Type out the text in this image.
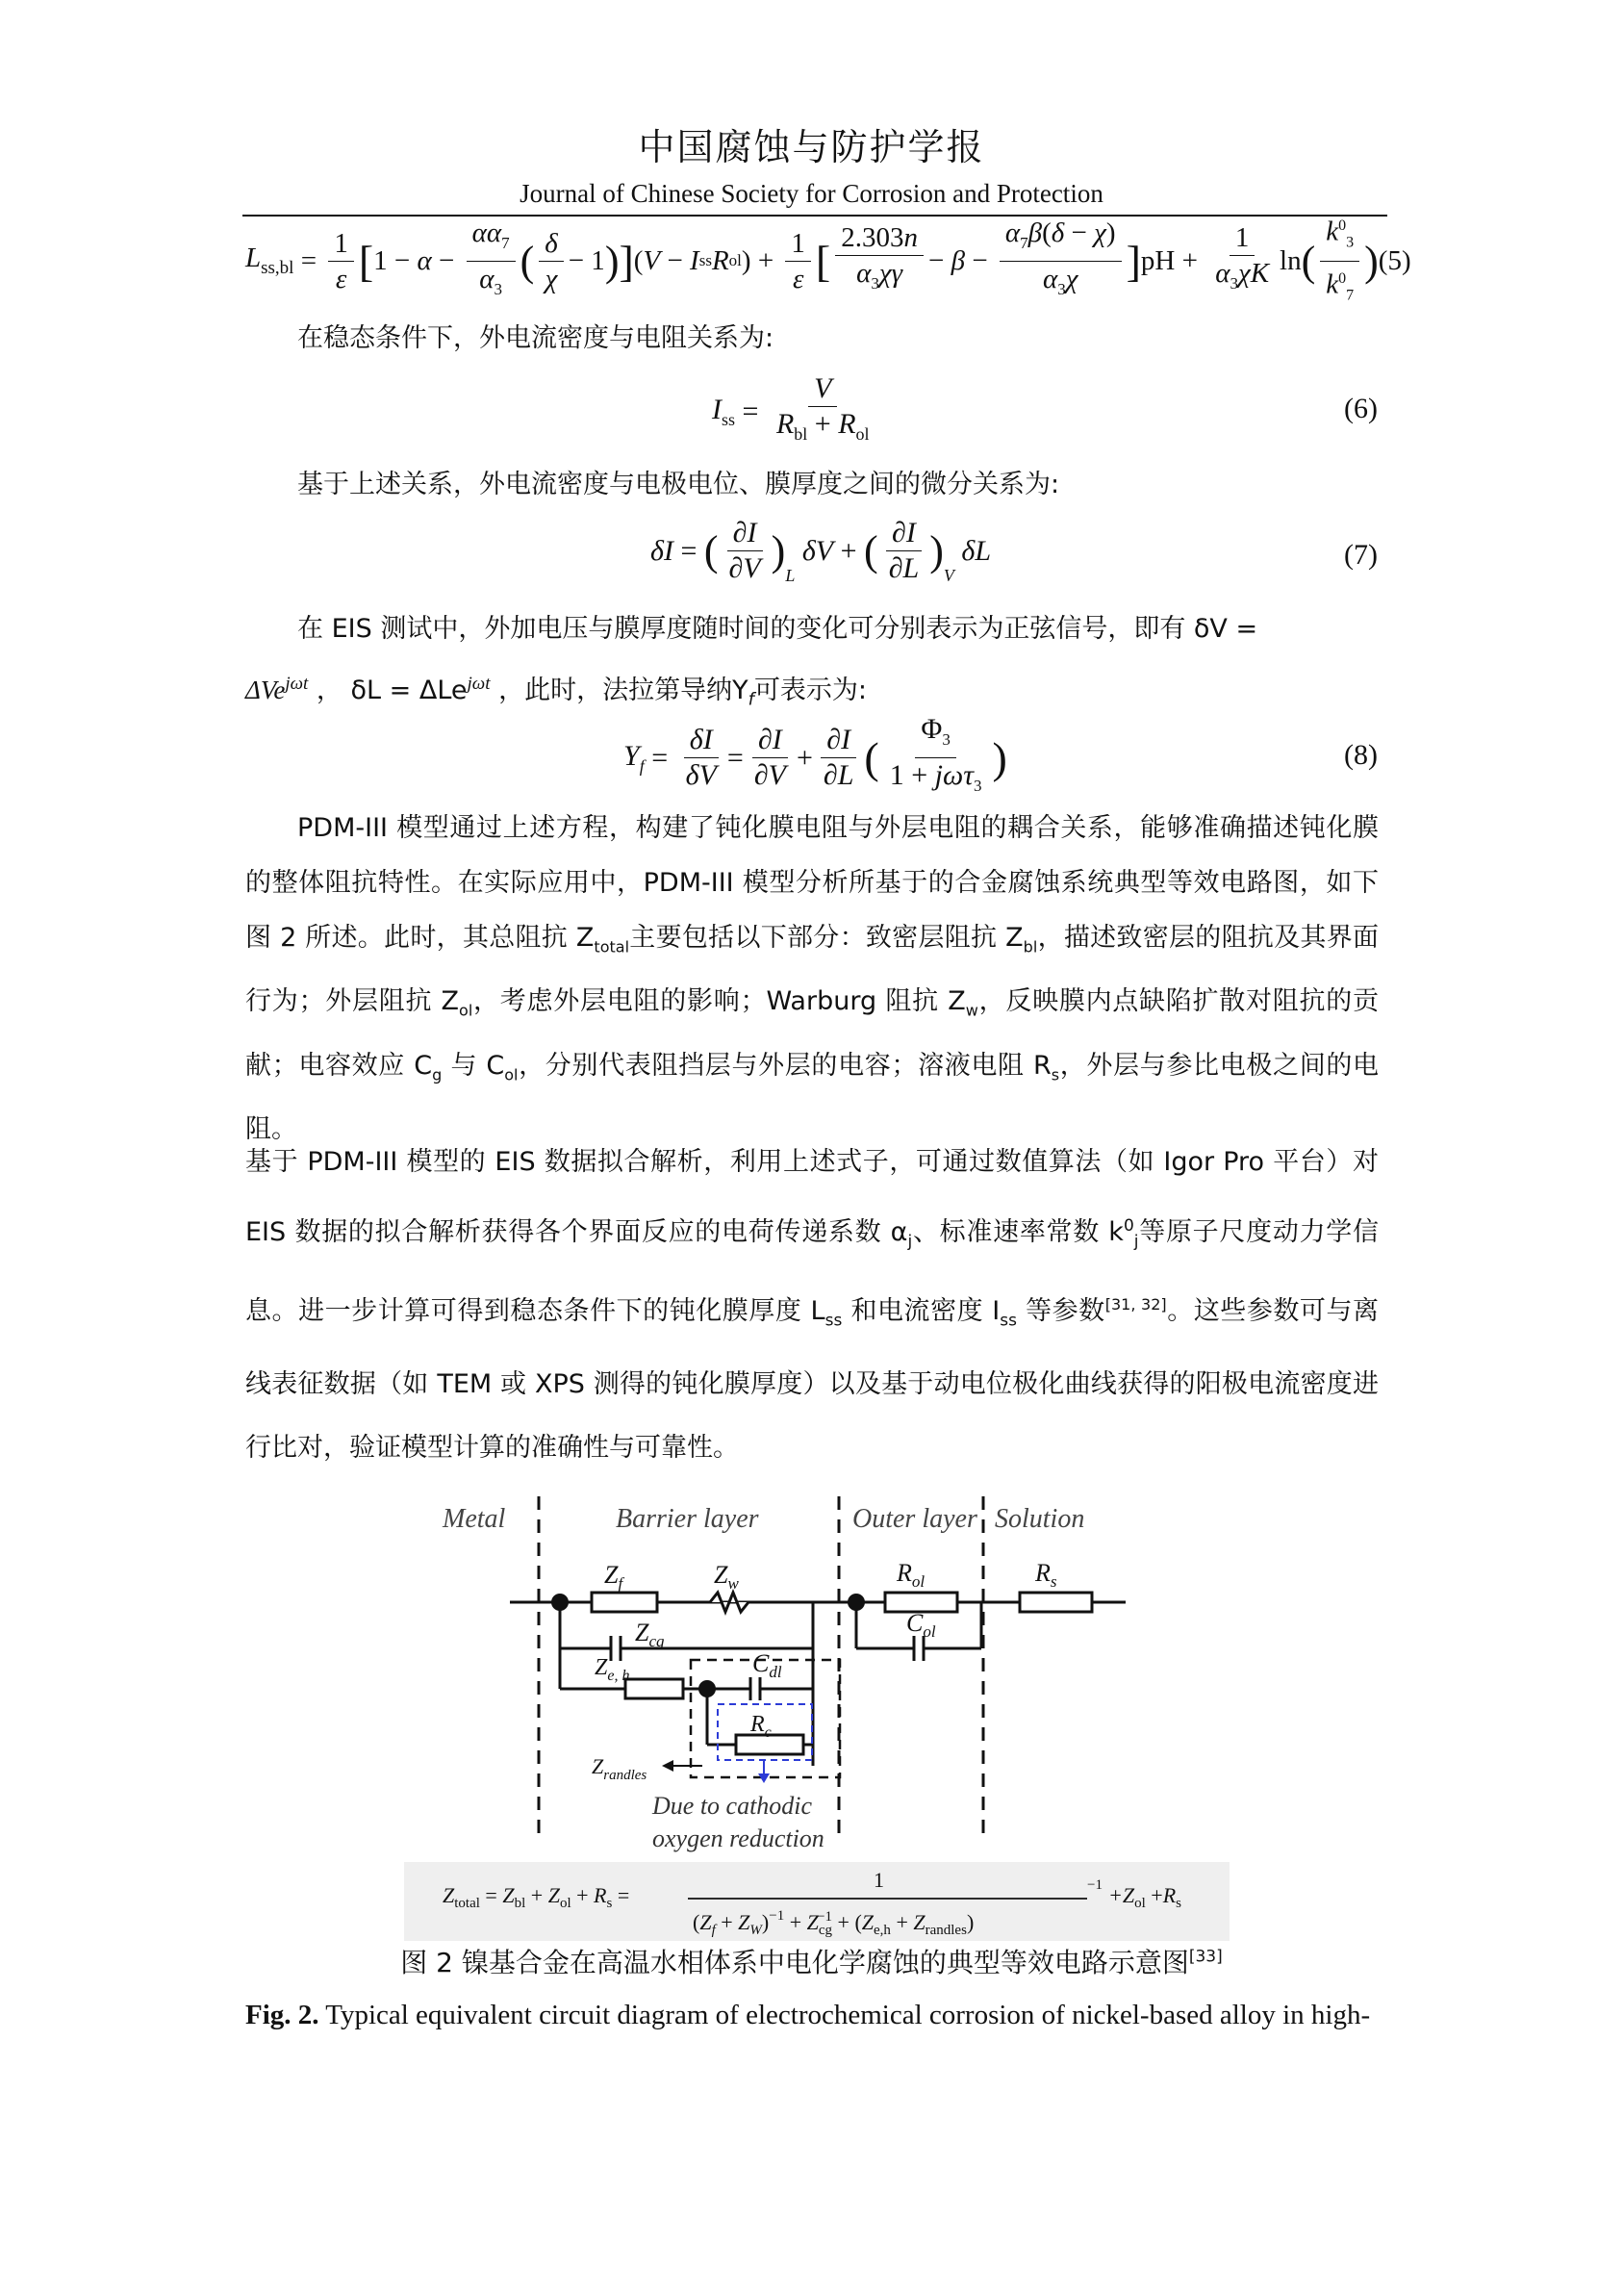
中国腐蚀与防护学报
Journal of Chinese Society for Corrosion and Protection
$L_{ss,bl} = \frac{1}{\varepsilon}$ [ $1 - \alpha - \frac{\alpha\alpha_7}{\alpha_3}$ ( $\frac{\delta}{\chi} - 1$ ) ] ( V − I ss R ol ) + $\frac{1}{\varepsilon}$ [ $\frac{2.303n}{\alpha_3\chi\gamma} - \beta - \frac{\alpha_7\beta(\delta - \chi)}{\alpha_3\chi}$ ] pH + $\frac{1}{\alpha_3\chi K}$ ln ( $\frac{k^0_3}{k^0_7}$ ) (5)

在稳态条件下，外电流密度与电阻关系为:

$I_{ss} = \frac{V}{R_{bl} + R_{ol}}$	(6)

基于上述关系，外电流密度与电极电位、膜厚度之间的微分关系为:

δI = ( $\frac{\partial I}{\partial V}$ )
$_L$
δV + ( $\frac{\partial I}{\partial L}$ )
$_V$
δL	(7)

在 EIS 测试中，外加电压与膜厚度随时间的变化可分别表示为正弦信号，即有 δV =

ΔVe$^{j\omega t}$ ， δL = ΔLe$^{j\omega t}$ ，此时，法拉第导纳$Y_f$可表示为:

$Y_f = \frac{\delta I}{\delta V} = \frac{\partial I}{\partial V} + \frac{\partial I}{\partial L}$ ( $\frac{\Phi_3}{1 + j\omega\tau_3}$ )	(8)

PDM-III 模型通过上述方程，构建了钝化膜电阻与外层电阻的耦合关系，能够准确描述钝化膜的整体阻抗特性。在实际应用中，PDM-III 模型分析所基于的合金腐蚀系统典型等效电路图，如下图 2 所述。此时，其总阻抗 $Z_{total}$主要包括以下部分：致密层阻抗 $Z_{bl}$，描述致密层的阻抗及其界面行为；外层阻抗 $Z_{ol}$，考虑外层电阻的影响；Warburg 阻抗 $Z_w$，反映膜内点缺陷扩散对阻抗的贡献；电容效应 $C_g$ 与 $C_{ol}$，分别代表阻挡层与外层的电容；溶液电阻 $R_s$，外层与参比电极之间的电阻。

基于 PDM-III 模型的 EIS 数据拟合解析，利用上述式子，可通过数值算法（如 Igor Pro 平台）对 EIS 数据的拟合解析获得各个界面反应的电荷传递系数 $\alpha_j$、标准速率常数 $k^0_j$等原子尺度动力学信息。进一步计算可得到稳态条件下的钝化膜厚度 $L_{ss}$ 和电流密度 $I_{ss}$ 等参数[31, 32]。这些参数可与离线表征数据（如 TEM 或 XPS 测得的钝化膜厚度）以及基于动电位极化曲线获得的阳极电流密度进行比对，验证模型计算的准确性与可靠性。

Metal	Barrier layer	Outer layer Solution
$Z_f$	$Z_w$	$R_{ol}$	$R_s$
$Z_{cg}$
$C_{ol}$
$Z_{e, h}$	$C_{dl}$
$R_c$
$Z_{randles}$
Due to cathodic
oxygen reduction
$Z_{total} = Z_{bl} + Z_{ol} + R_s$ =
1
$(Z_f + Z_W)^{-1} + Z_{cg}-1 + (Z_{e,h} + Z_{randles})$
$-1 +Z_{ol} +R_s$
图 2 镍基合金在高温水相体系中电化学腐蚀的典型等效电路示意图[33]
Fig. 2. Typical equivalent circuit diagram of electrochemical corrosion of nickel-based alloy in high-
